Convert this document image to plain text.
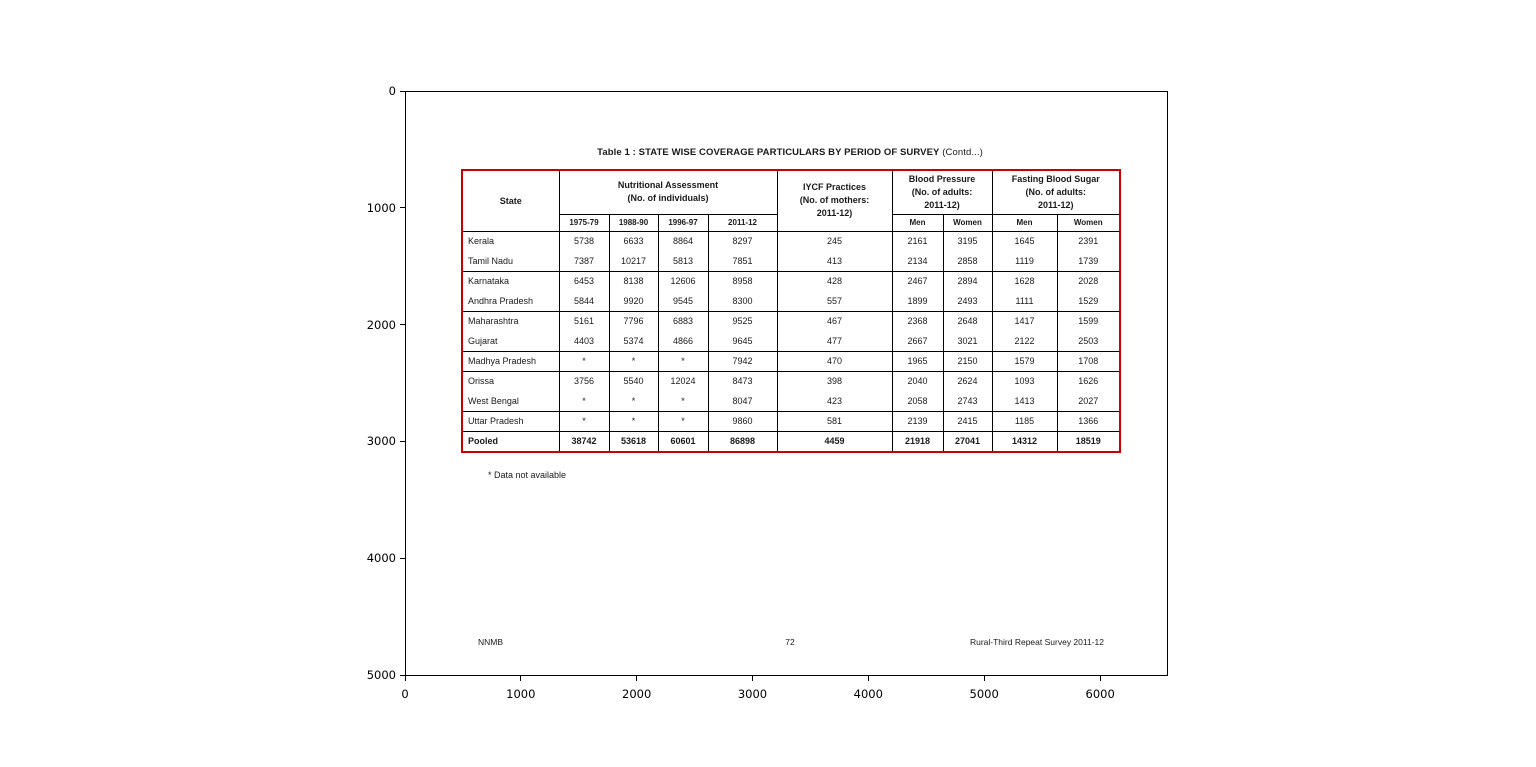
Table 1 : STATE WISE COVERAGE PARTICULARS BY PERIOD OF SURVEY (Contd...)
State	
Nutritional Assessment
(No. of individuals)

IYCF Practices
(No. of mothers:
2011-12)

Blood Pressure
(No. of adults:
2011-12)

Fasting Blood Sugar
(No. of adults:
2011-12)

	1975-79	1988-90	1996-97	2011-12		Men	Women	Men	Women
Kerala	5738	6633	8864	8297	245	2161	3195	1645	2391
Tamil Nadu	7387	10217	5813	7851	413	2134	2858	1119	1739
Karnataka	6453	8138	12606	8958	428	2467	2894	1628	2028
Andhra Pradesh	5844	9920	9545	8300	557	1899	2493	1111	1529
Maharashtra	5161	7796	6883	9525	467	2368	2648	1417	1599
Gujarat	4403	5374	4866	9645	477	2667	3021	2122	2503
Madhya Pradesh	*	*	*	7942	470	1965	2150	1579	1708
Orissa	3756	5540	12024	8473	398	2040	2624	1093	1626
West Bengal	*	*	*	8047	423	2058	2743	1413	2027
Uttar Pradesh	*	*	*	9860	581	2139	2415	1185	1366
Pooled	38742	53618	60601	86898	4459	21918	27041	14312	18519
* Data not available
NNMB	72	Rural-Third Repeat Survey 2011-12
0
1000
2000
3000
4000
5000
0	1000	2000	3000	4000	5000	6000
